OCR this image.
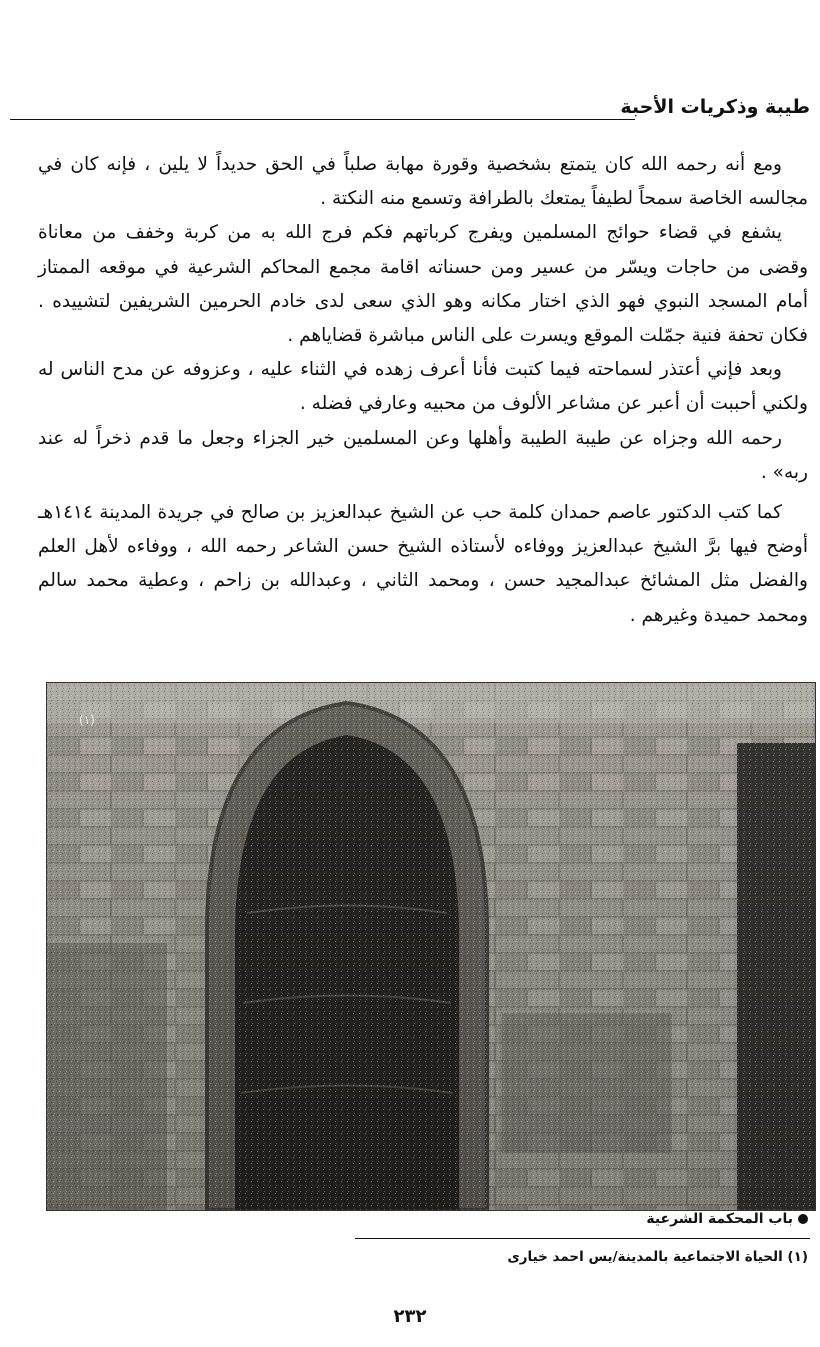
طيبة وذكريات الأحبة

ومع أنه رحمه الله كان يتمتع بشخصية وقورة مهابة صلباً في الحق حديداً لا يلين ، فإنه كان في مجالسه الخاصة سمحاً لطيفاً يمتعك بالطرافة وتسمع منه النكتة .

يشفع في قضاء حوائج المسلمين ويفرج كرباتهم فكم فرج الله به من كربة وخفف من معاناة وقضى من حاجات ويسّر من عسير ومن حسناته اقامة مجمع المحاكم الشرعية في موقعه الممتاز أمام المسجد النبوي فهو الذي اختار مكانه وهو الذي سعى لدى خادم الحرمين الشريفين لتشييده . فكان تحفة فنية جمّلت الموقع ويسرت على الناس مباشرة قضاياهم .

وبعد فإني أعتذر لسماحته فيما كتبت فأنا أعرف زهده في الثناء عليه ، وعزوفه عن مدح الناس له ولكني أحببت أن أعبر عن مشاعر الألوف من محبيه وعارفي فضله .

رحمه الله وجزاه عن طيبة الطيبة وأهلها وعن المسلمين خير الجزاء وجعل ما قدم ذخراً له عند ربه» .

كما كتب الدكتور عاصم حمدان كلمة حب عن الشيخ عبدالعزيز بن صالح في جريدة المدينة ١٤١٤هـ أوضح فيها برَّ الشيخ عبدالعزيز ووفاءه لأستاذه الشيخ حسن الشاعر رحمه الله ، ووفاءه لأهل العلم والفضل مثل المشائخ عبدالمجيد حسن ، ومحمد الثاني ، وعبدالله بن زاحم ، وعطية محمد سالم ومحمد حميدة وغيرهم .

(١)
باب المحكمة الشرعية
(١) الحياة الاجتماعية بالمدينة/يس احمد خيارى
٢٣٢
